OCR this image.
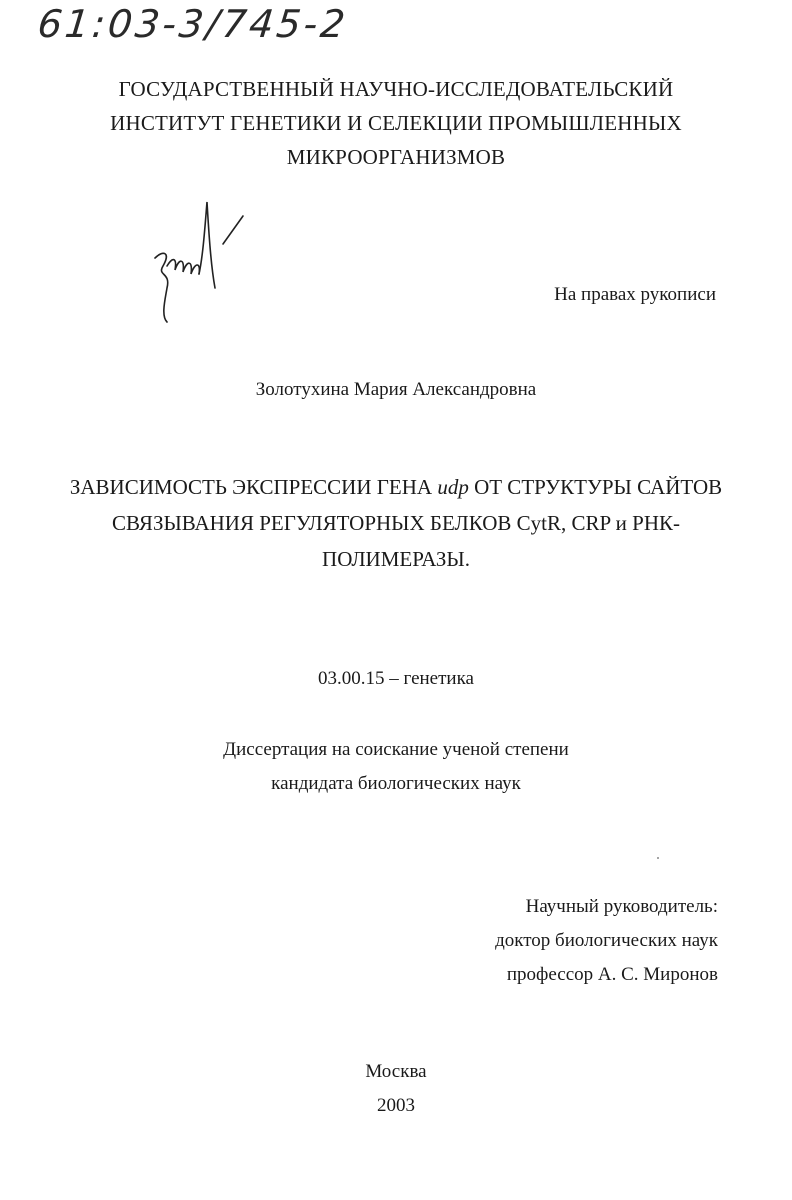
61:03-3/745-2
ГОСУДАРСТВЕННЫЙ НАУЧНО-ИССЛЕДОВАТЕЛЬСКИЙ
ИНСТИТУТ ГЕНЕТИКИ И СЕЛЕКЦИИ ПРОМЫШЛЕННЫХ
МИКРООРГАНИЗМОВ
На правах рукописи
Золотухина Мария Александровна
ЗАВИСИМОСТЬ ЭКСПРЕССИИ ГЕНА udp ОТ СТРУКТУРЫ САЙТОВ
СВЯЗЫВАНИЯ РЕГУЛЯТОРНЫХ БЕЛКОВ CytR, CRP и РНК-
ПОЛИМЕРАЗЫ.
03.00.15 – генетика
Диссертация на соискание ученой степени
кандидата биологических наук
Научный руководитель:
доктор биологических наук
профессор А. С. Миронов
Москва
2003
